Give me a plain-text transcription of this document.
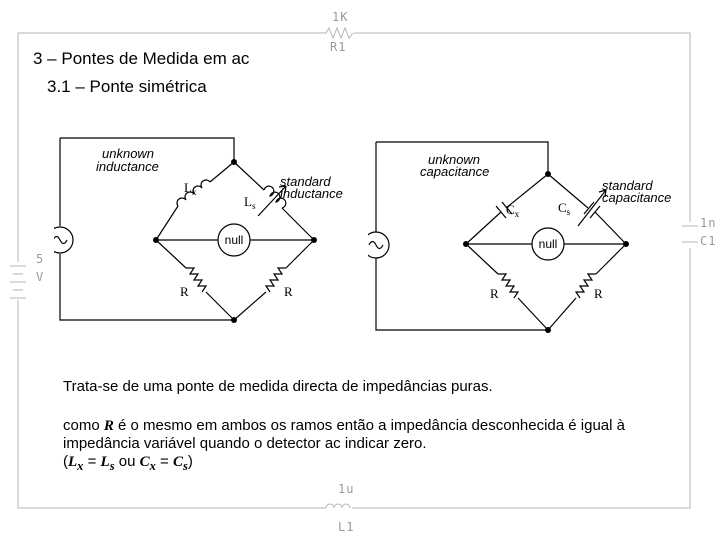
1K
R1
1n
C1
5
V
1u
L1
3 – Pontes de Medida em ac
3.1 – Ponte simétrica
unknown
inductance
standard
inductance
$L_x$
$L_s$
null
R	R
unknown
capacitance
standard
capacitance
$C_x$	$C_s$
null
R	R

Trata-se de uma ponte de medida directa de impedâncias puras.

como R é o mesmo em ambos os ramos então a impedância desconhecida é igual à impedância variável quando o detector ac indicar zero.

($L_x = L_s$ ou $C_x = C_s$)
